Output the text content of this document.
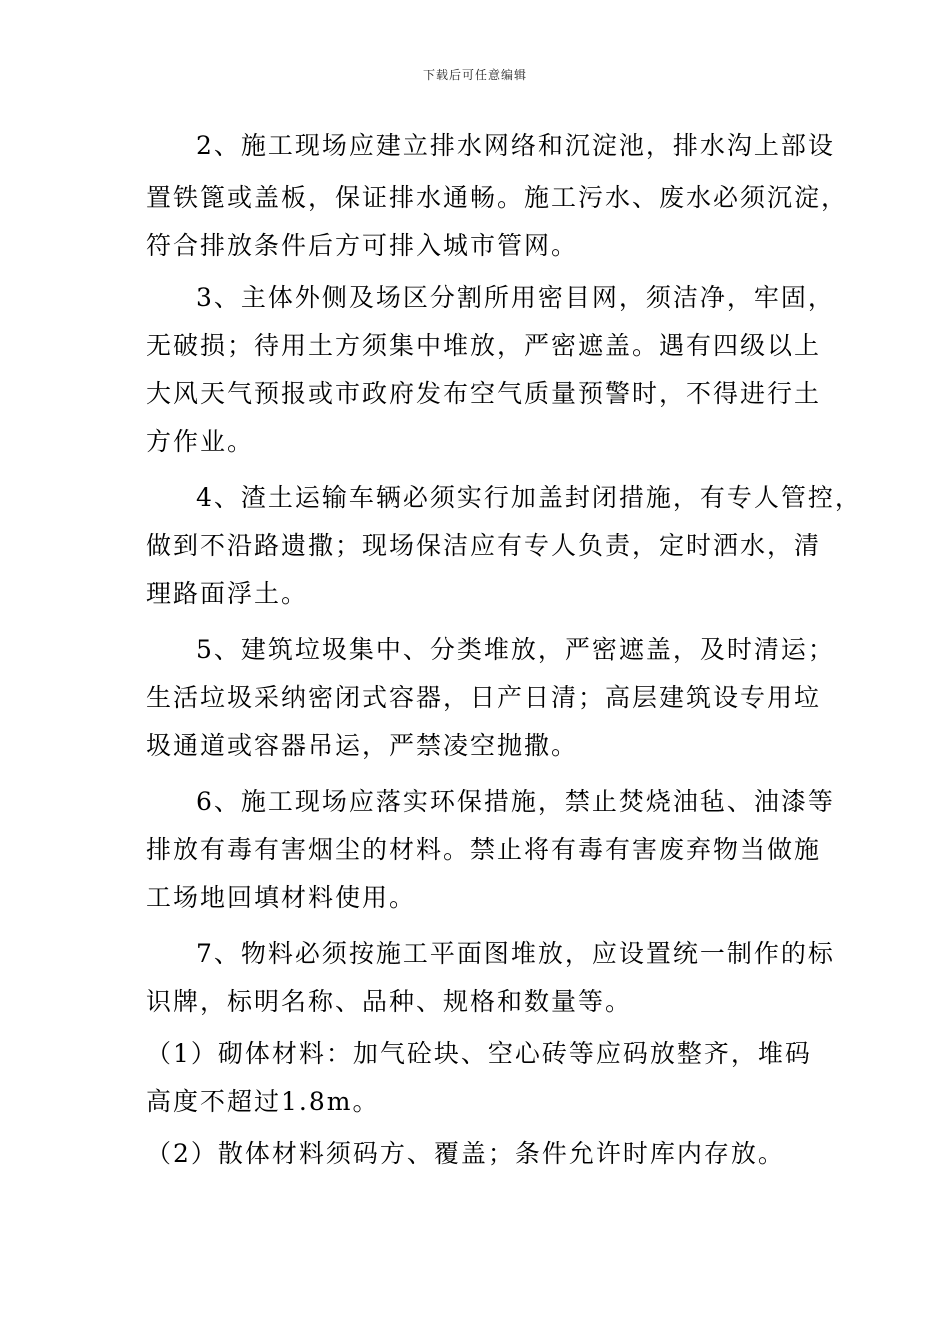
下载后可任意编辑
2、施工现场应建立排水网络和沉淀池，排水沟上部设
置铁篦或盖板，保证排水通畅。施工污水、废水必须沉淀，
符合排放条件后方可排入城市管网。
3、主体外侧及场区分割所用密目网，须洁净，牢固，
无破损；待用土方须集中堆放，严密遮盖。遇有四级以上
大风天气预报或市政府发布空气质量预警时，不得进行土
方作业。
4、渣土运输车辆必须实行加盖封闭措施，有专人管控，
做到不沿路遗撒；现场保洁应有专人负责，定时洒水，清
理路面浮土。
5、建筑垃圾集中、分类堆放，严密遮盖，及时清运；
生活垃圾采纳密闭式容器，日产日清；高层建筑设专用垃
圾通道或容器吊运，严禁凌空抛撒。
6、施工现场应落实环保措施，禁止焚烧油毡、油漆等
排放有毒有害烟尘的材料。禁止将有毒有害废弃物当做施
工场地回填材料使用。
7、物料必须按施工平面图堆放，应设置统一制作的标
识牌，标明名称、品种、规格和数量等。
（1）砌体材料：加气砼块、空心砖等应码放整齐，堆码
高度不超过1.8m。
（2）散体材料须码方、覆盖；条件允许时库内存放。
